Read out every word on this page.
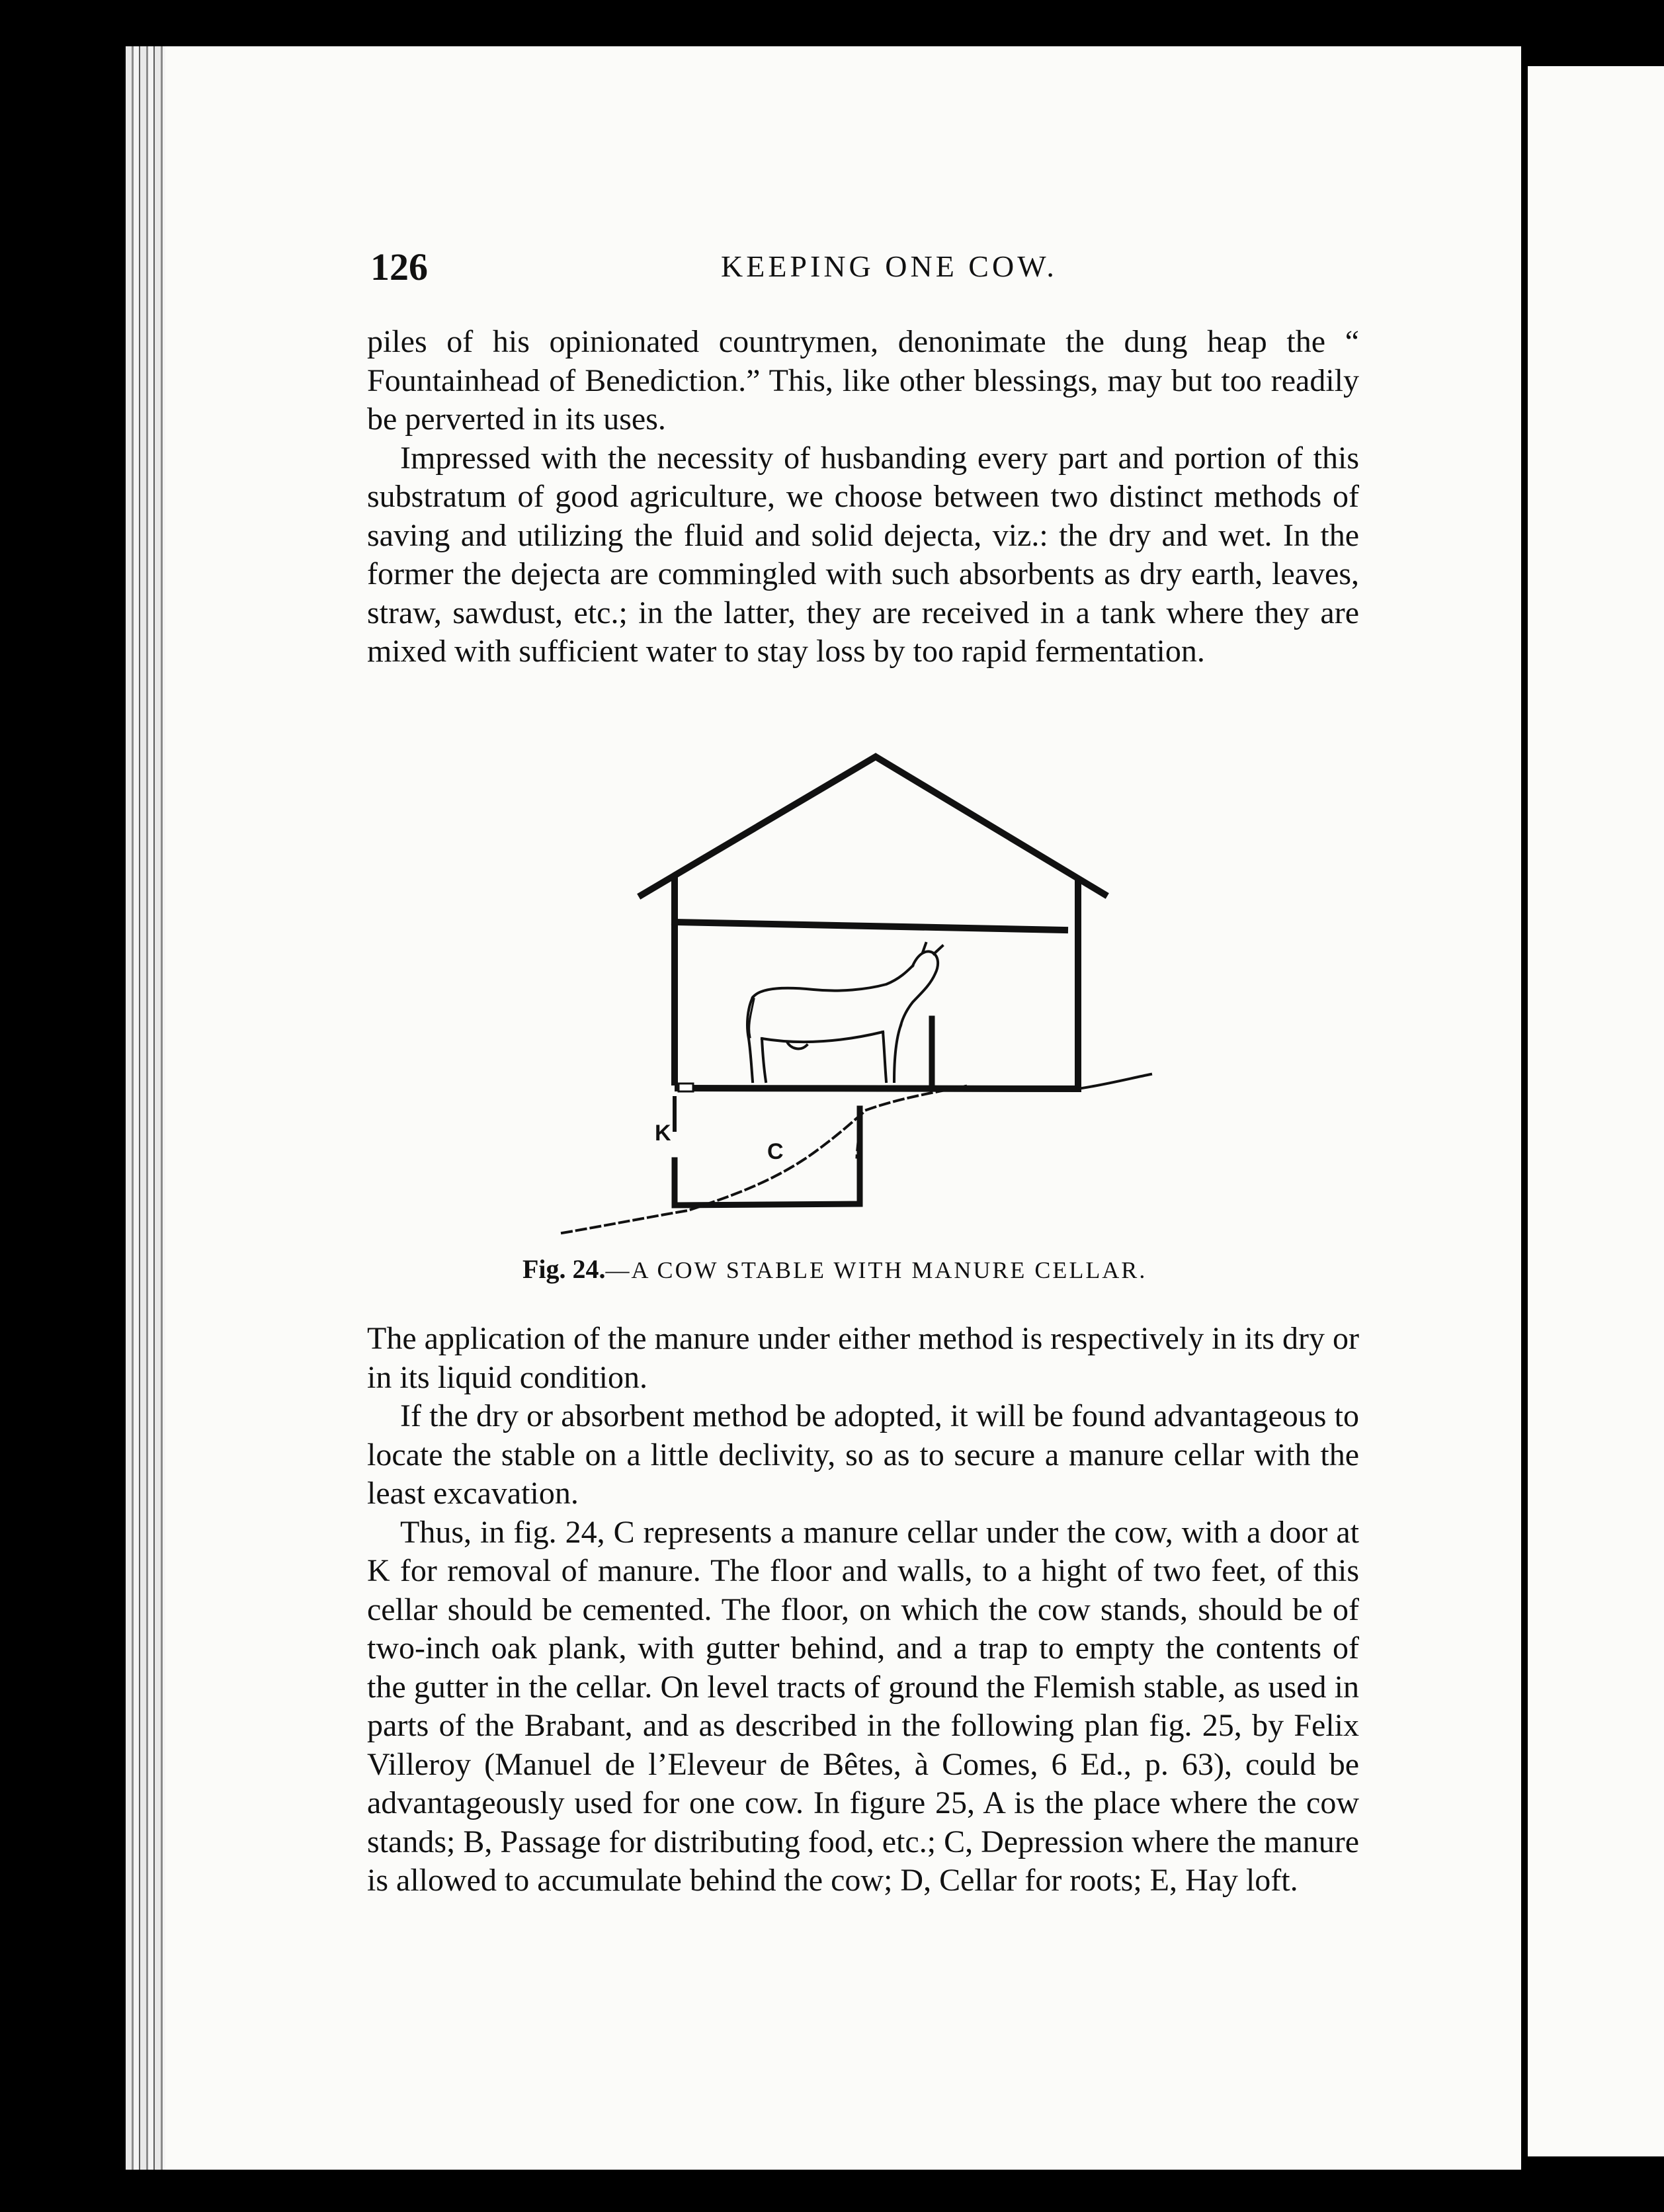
126	KEEPING ONE COW.

piles of his opinionated countrymen, denonimate the dung heap the “ Fountainhead of Benediction.” This, like other blessings, may but too readily be perverted in its uses.

Impressed with the necessity of husbanding every part and portion of this substratum of good agriculture, we choose between two distinct methods of saving and utilizing the fluid and solid dejecta, viz.: the dry and wet. In the former the dejecta are commingled with such absorbents as dry earth, leaves, straw, sawdust, etc.; in the latter, they are received in a tank where they are mixed with sufficient water to stay loss by too rapid fermentation.

K
C
Fig. 24.—A COW STABLE WITH MANURE CELLAR.

The application of the manure under either method is respectively in its dry or in its liquid condition.

If the dry or absorbent method be adopted, it will be found advantageous to locate the stable on a little declivity, so as to secure a manure cellar with the least excavation.

Thus, in fig. 24, C represents a manure cellar under the cow, with a door at K for removal of manure. The floor and walls, to a hight of two feet, of this cellar should be cemented. The floor, on which the cow stands, should be of two-inch oak plank, with gutter behind, and a trap to empty the contents of the gutter in the cellar. On level tracts of ground the Flemish stable, as used in parts of the Brabant, and as described in the following plan fig. 25, by Felix Villeroy (Manuel de l’Eleveur de Bêtes, à Comes, 6 Ed., p. 63), could be advantageously used for one cow. In figure 25, A is the place where the cow stands; B, Passage for distributing food, etc.; C, Depression where the manure is allowed to accumulate behind the cow; D, Cellar for roots; E, Hay loft.
